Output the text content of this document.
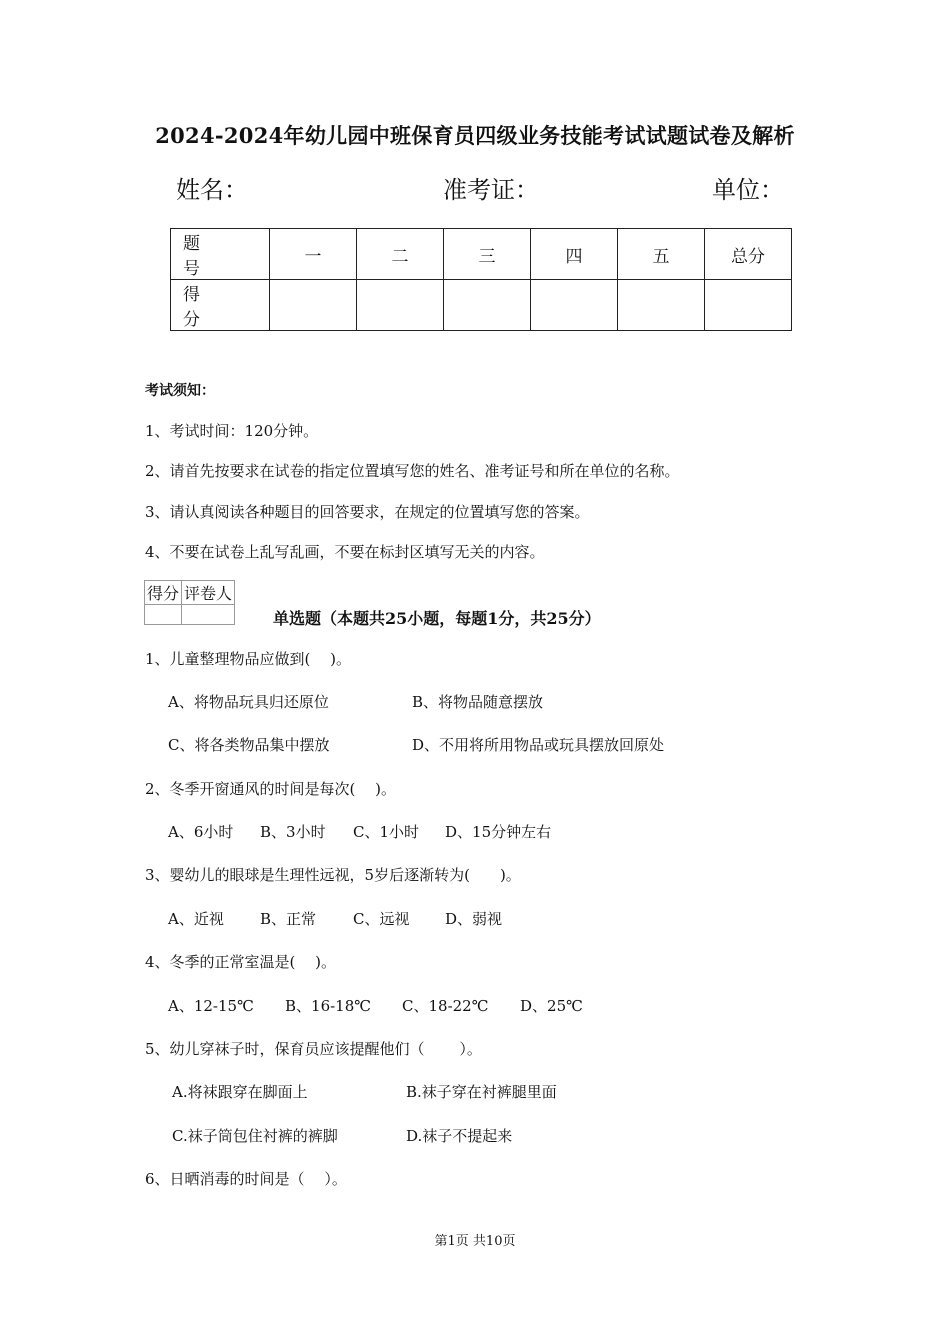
2024-2024年幼儿园中班保育员四级业务技能考试试题试卷及解析
姓名：	准考证：	单位：
题　号	一	二	三	四	五	总分
得　分						
考试须知：
1、考试时间：120分钟。
2、请首先按要求在试卷的指定位置填写您的姓名、准考证号和所在单位的名称。
3、请认真阅读各种题目的回答要求，在规定的位置填写您的答案。
4、不要在试卷上乱写乱画，不要在标封区填写无关的内容。
得分	评卷人

单选题（本题共25小题，每题1分，共25分）
1、儿童整理物品应做到(　 )。
A、将物品玩具归还原位	B、将物品随意摆放
C、将各类物品集中摆放	D、不用将所用物品或玩具摆放回原处
2、冬季开窗通风的时间是每次(　 )。
A、6小时 B、3小时 C、1小时 D、15分钟左右
3、婴幼儿的眼球是生理性远视，5岁后逐渐转为(　　)。
A、近视 B、正常 C、远视 D、弱视
4、冬季的正常室温是(　 )。
A、12-15℃ B、16-18℃ C、18-22℃ D、25℃
5、幼儿穿袜子时，保育员应该提醒他们（　　 ）。
A.将袜跟穿在脚面上	B.袜子穿在衬裤腿里面
C.袜子筒包住衬裤的裤脚	D.袜子不提起来
6、日晒消毒的时间是（　 ）。
第1页 共10页
